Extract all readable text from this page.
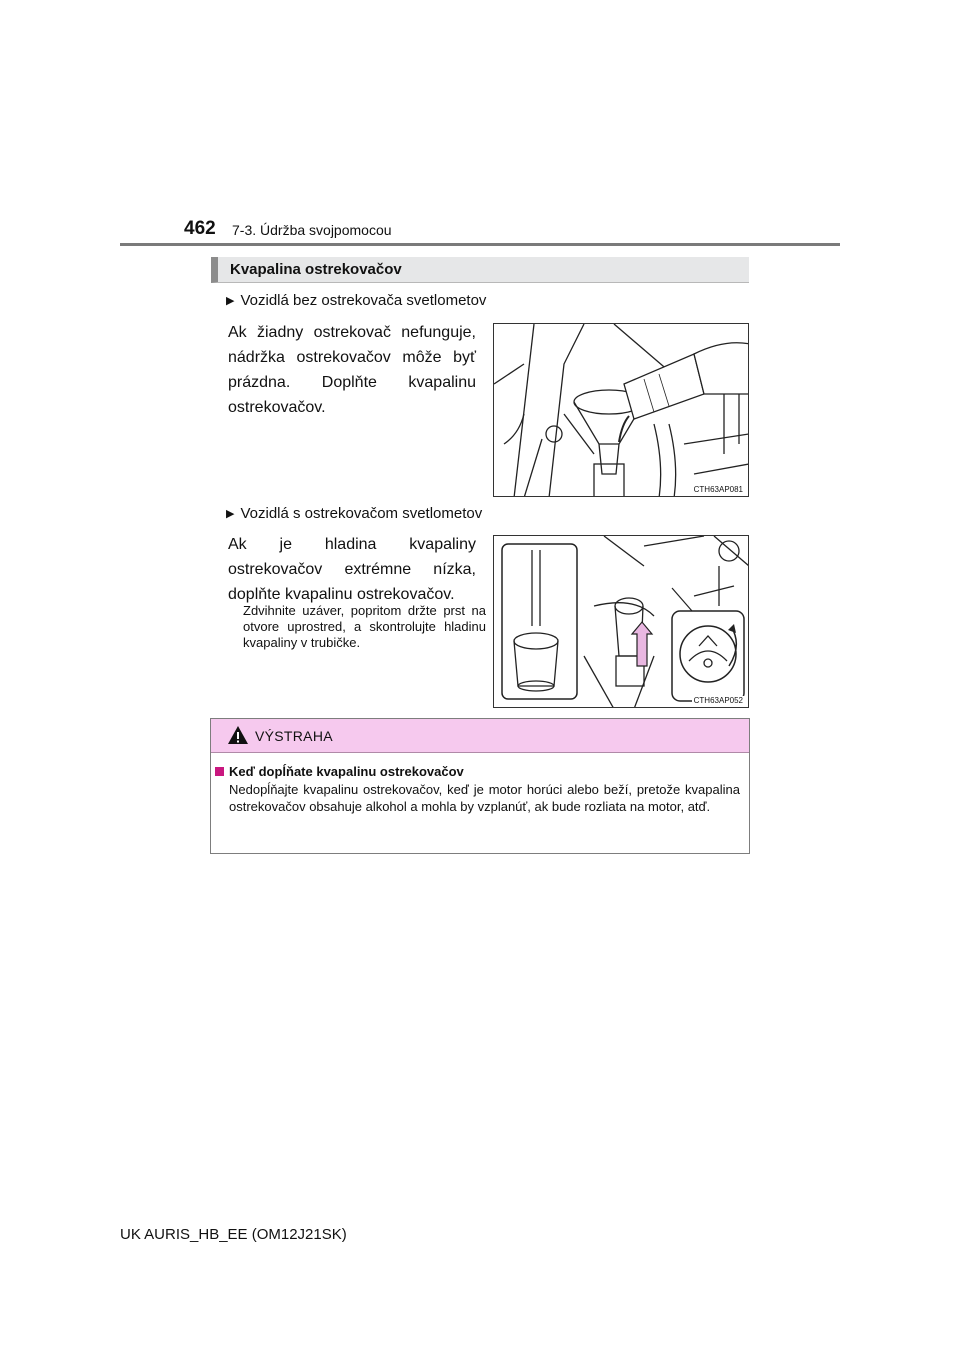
462 7-3. Údržba svojpomocou
Kvapalina ostrekovačov
▶ Vozidlá bez ostrekovača svetlometov
Ak žiadny ostrekovač nefunguje, nádržka ostrekovačov môže byť prázdna. Doplňte kvapalinu ostrekovačov.
CTH63AP081
▶ Vozidlá s ostrekovačom svetlometov
Ak je hladina kvapaliny ostrekovačov extrémne nízka, doplňte kvapalinu ostrekovačov.
Zdvihnite uzáver, popritom držte prst na otvore uprostred, a skontrolujte hladinu kvapaliny v trubičke.
CTH63AP052
VÝSTRAHA
Keď dopĺňate kvapalinu ostrekovačov
Nedopĺňajte kvapalinu ostrekovačov, keď je motor horúci alebo beží, pretože kvapalina ostrekovačov obsahuje alkohol a mohla by vzplanúť, ak bude rozliata na motor, atď.
UK AURIS_HB_EE (OM12J21SK)
